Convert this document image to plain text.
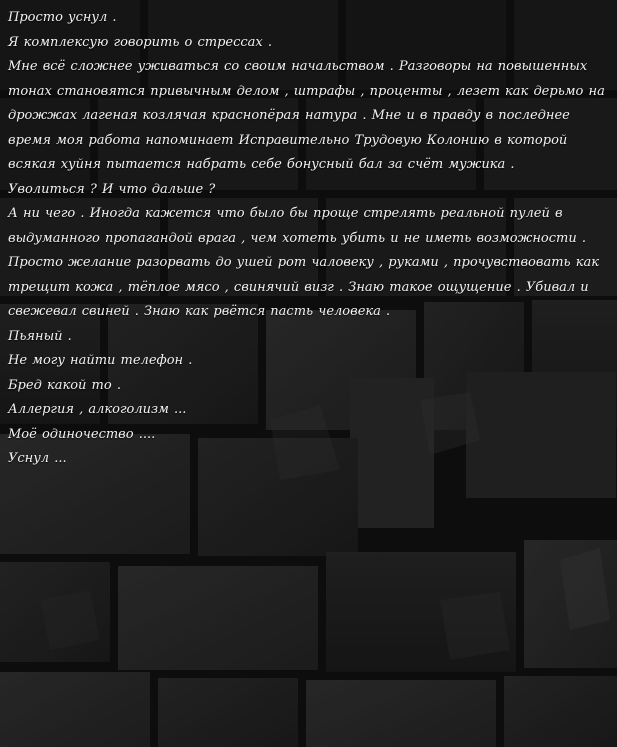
Просто уснул .

Я комплексую говорить о стрессах .

Мне всё сложнее уживаться со своим начальством . Разговоры на повышенных тонах становятся привычным делом , штрафы , проценты , лезет как дерьмо на дрожжах лагеная козлячая краснопёрая натура . Мне и в правду в последнее время моя работа напоминает Исправительно Трудовую Колонию в которой всякая хуйня пытается набрать себе бонусный бал за счёт мужика .

Уволиться ? И что дальше ?

А ни чего . Иногда кажется что было бы проще стрелять реальной пулей в выдуманного пропагандой врага , чем хотеть убить и не иметь возможности . Просто желание разорвать до ушей рот чаловеку , руками , прочувствовать как трещит кожа , тёплое мясо , свинячий визг . Знаю такое ощущение . Убивал и свежевал свиней . Знаю как рвётся пасть человека .

Пьяный .

Не могу найти телефон .

Бред какой то .

Аллергия , алкоголизм ...

Моё одиночество ....

Уснул ...
